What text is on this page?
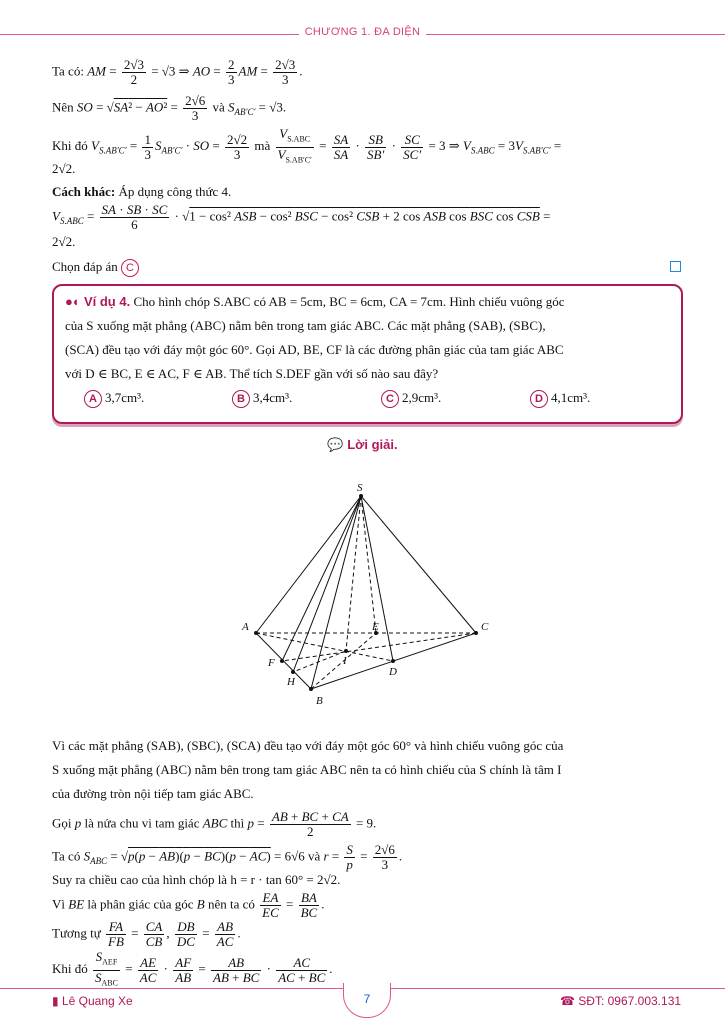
CHƯƠNG 1. ĐA DIỆN
Ta có: AM = $\frac{2√3}{2} = √3$ ⇒ AO = $\frac{2}{3}$ AM = $\frac{2√3}{3}$ .
Nên SO = $√SA^2 - AO^2 = \frac{2√6}{3}$ và $S_{AB'C'} = √3$.
Khi đó $V_{S.AB'C'} = \frac{1}{3} S_{AB'C'}$ · SO = $\frac{2√2}{3}$ mà $\frac{V_{S.ABC}}{V_{S.AB'C'}} = \frac{SA}{SA} \cdot \frac{SB}{SB'} \cdot \frac{SC}{SC'} = 3$ ⇒ $V_{S.ABC} = 3V_{S.AB'C'}$ =
2√2.
Cách khác: Áp dụng công thức 4.
$V_{S.ABC} = \frac{SA \cdot SB \cdot SC}{6} \cdot √1 - \cos^2$ ASB − cos² BSC − cos² CSB + 2 cos ASB cos BSC cos CSB =
2√2.
Chọn đáp án C
●◐ Ví dụ 4. Cho hình chóp S.ABC có AB = 5cm, BC = 6cm, CA = 7cm. Hình chiếu vuông góc
của S xuống mặt phẳng (ABC) nằm bên trong tam giác ABC. Các mặt phẳng (SAB), (SBC),
(SCA) đều tạo với đáy một góc 60°. Gọi AD, BE, CF là các đường phân giác của tam giác ABC
với D ∈ BC, E ∈ AC, F ∈ AB. Thể tích S.DEF gần với số nào sau đây?
A 3,7cm³.	B 3,4cm³.	C 2,9cm³.	D 4,1cm³.
💬 Lời giải.
S
A
B
C
E
F	I
D
H
Vì các mặt phẳng (SAB), (SBC), (SCA) đều tạo với đáy một góc 60° và hình chiếu vuông góc của
S xuống mặt phẳng (ABC) nằm bên trong tam giác ABC nên ta có hình chiếu của S chính là tâm I
của đường tròn nội tiếp tam giác ABC.
Gọi p là nửa chu vi tam giác ABC thì $p = \frac{AB + BC + CA}{2} = 9$.
Ta có $S_{ABC} = √p(p - AB)(p - BC)(p - AC) = 6√6$ và $r = \frac{S}{p} = \frac{2√6}{3}$ .
Suy ra chiều cao của hình chóp là h = r · tan 60° = 2√2.
Vì BE là phân giác của góc B nên ta có $\frac{EA}{EC} = \frac{BA}{BC}$ .
Tương tự $\frac{FA}{FB} = \frac{CA}{CB}$ , $\frac{DB}{DC} = \frac{AB}{AC}$ .
Khi đó $\frac{S_{AEF}}{S_{ABC}} = \frac{AE}{AC} \cdot \frac{AF}{AB} = \frac{AB}{AB + BC} \cdot \frac{AC}{AC + BC}$ .
7
▮ Lê Quang Xe	☎ SĐT: 0967.003.131
